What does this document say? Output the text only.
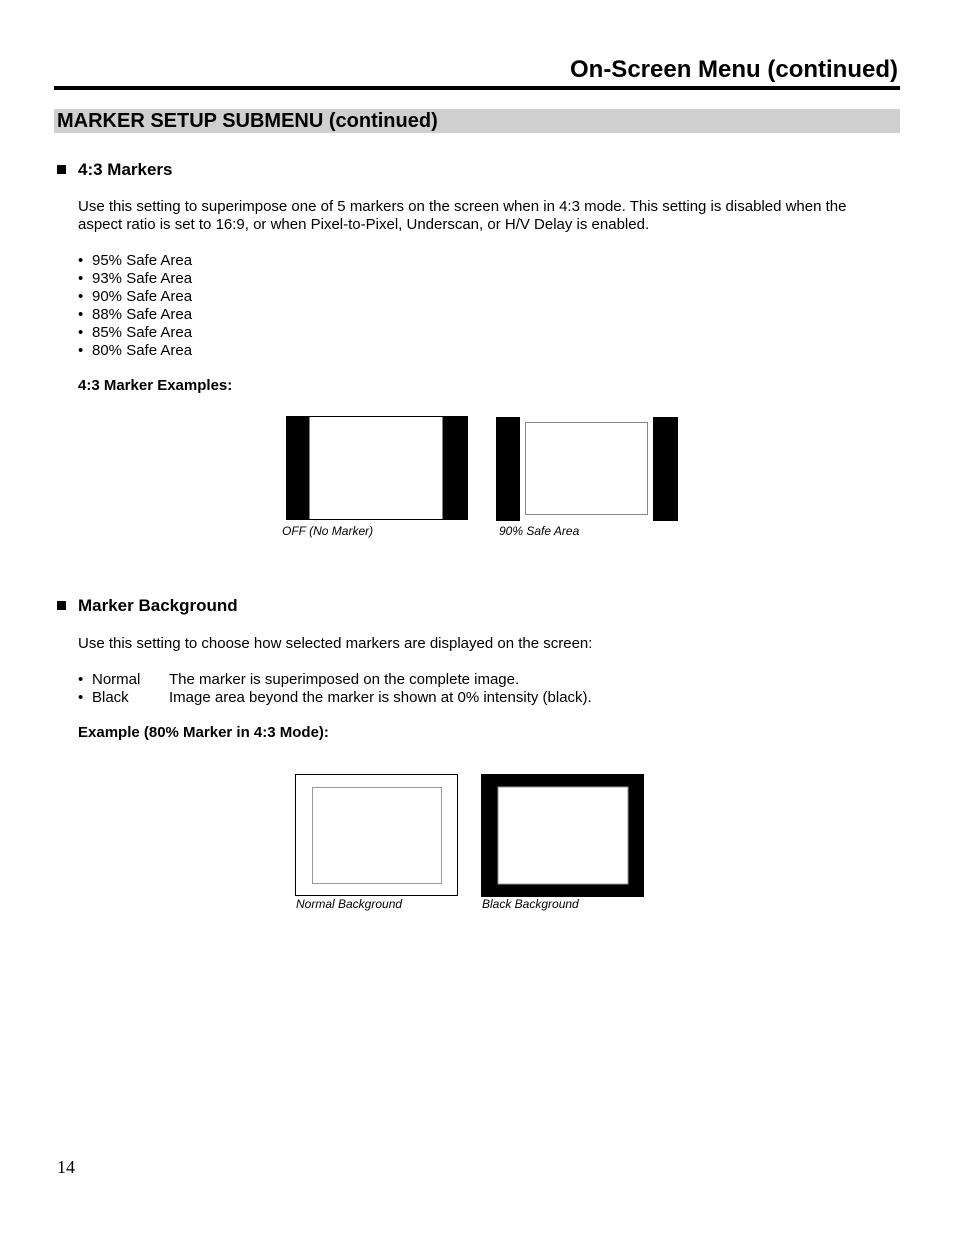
On-Screen Menu (continued)
MARKER SETUP SUBMENU (continued)
4:3 Markers
Use this setting to superimpose one of 5 markers on the screen when in 4:3 mode. This setting is disabled when the aspect ratio is set to 16:9, or when Pixel-to-Pixel, Underscan, or H/V Delay is enabled.
• 95% Safe Area
• 93% Safe Area
• 90% Safe Area
• 88% Safe Area
• 85% Safe Area
• 80% Safe Area
4:3 Marker Examples:
OFF (No Marker)	90% Safe Area
Marker Background
Use this setting to choose how selected markers are displayed on the screen:
• Normal The marker is superimposed on the complete image.
• Black	Image area beyond the marker is shown at 0% intensity (black).
Example (80% Marker in 4:3 Mode):
Normal Background	Black Background
14
